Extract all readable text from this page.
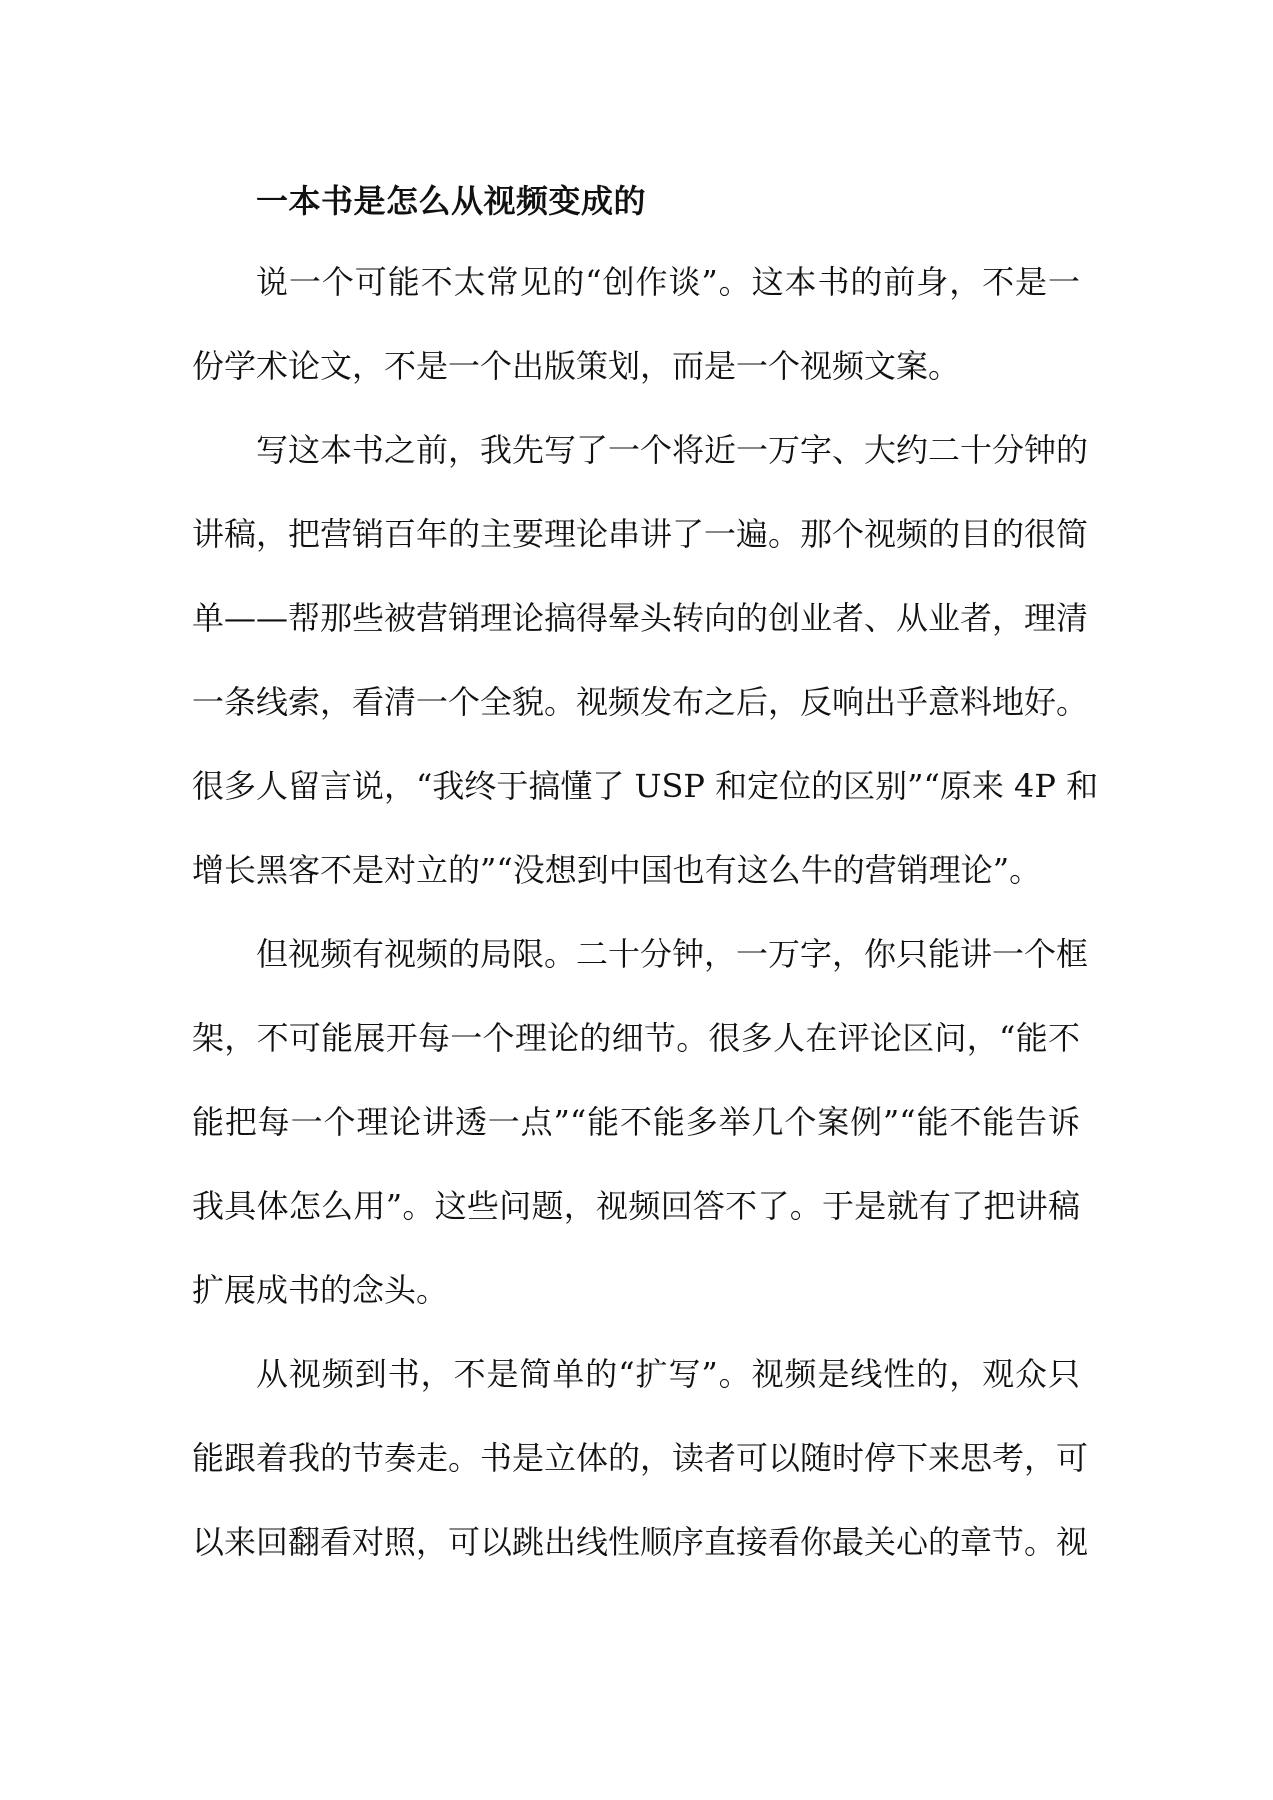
一本书是怎么从视频变成的
说一个可能不太常见的“创作谈”。这本书的前身，不是一
份学术论文，不是一个出版策划，而是一个视频文案。
写这本书之前，我先写了一个将近一万字、大约二十分钟的
讲稿，把营销百年的主要理论串讲了一遍。那个视频的目的很简
单——帮那些被营销理论搞得晕头转向的创业者、从业者，理清
一条线索，看清一个全貌。视频发布之后，反响出乎意料地好。
很多人留言说，“我终于搞懂了 USP 和定位的区别”“原来 4P 和
增长黑客不是对立的”“没想到中国也有这么牛的营销理论”。
但视频有视频的局限。二十分钟，一万字，你只能讲一个框
架，不可能展开每一个理论的细节。很多人在评论区问，“能不
能把每一个理论讲透一点”“能不能多举几个案例”“能不能告诉
我具体怎么用”。这些问题，视频回答不了。于是就有了把讲稿
扩展成书的念头。
从视频到书，不是简单的“扩写”。视频是线性的，观众只
能跟着我的节奏走。书是立体的，读者可以随时停下来思考，可
以来回翻看对照，可以跳出线性顺序直接看你最关心的章节。视
